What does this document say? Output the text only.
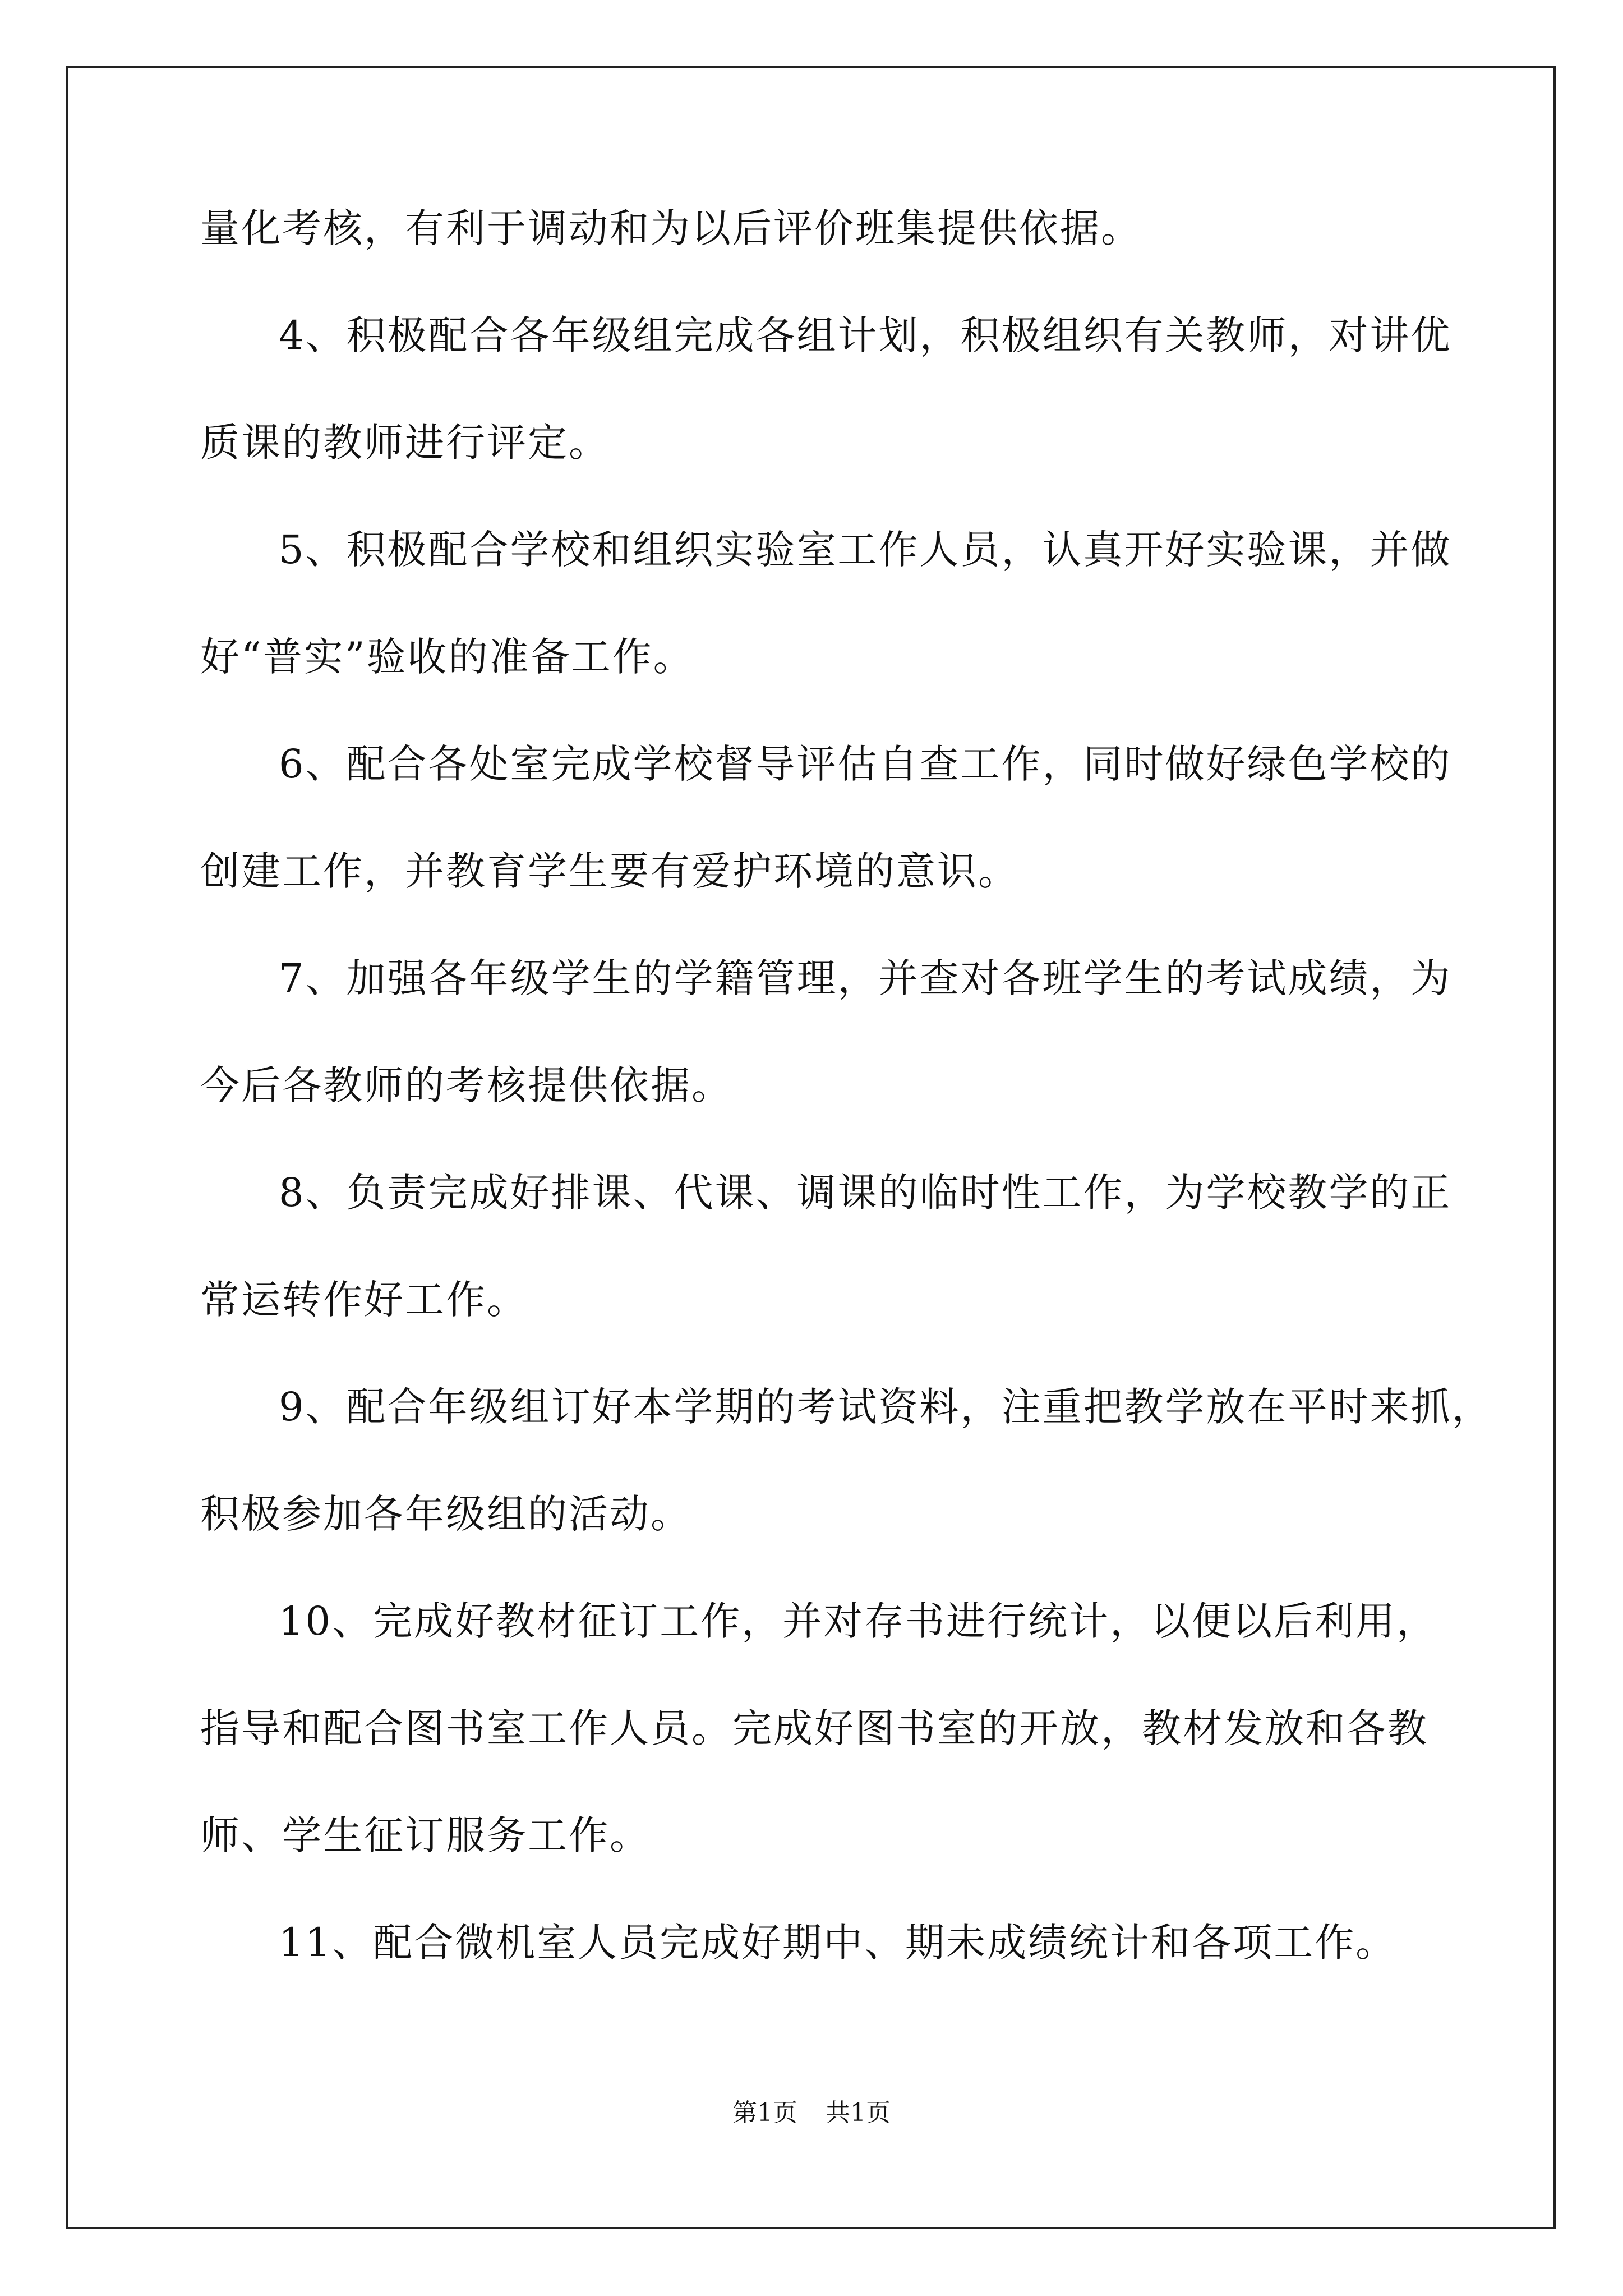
量化考核，有利于调动和为以后评价班集提供依据。
4、积极配合各年级组完成各组计划，积极组织有关教师，对讲优
质课的教师进行评定。
5、积极配合学校和组织实验室工作人员，认真开好实验课，并做
好“普实”验收的准备工作。
6、配合各处室完成学校督导评估自查工作，同时做好绿色学校的
创建工作，并教育学生要有爱护环境的意识。
7、加强各年级学生的学籍管理，并查对各班学生的考试成绩，为
今后各教师的考核提供依据。
8、负责完成好排课、代课、调课的临时性工作，为学校教学的正
常运转作好工作。
9、配合年级组订好本学期的考试资料，注重把教学放在平时来抓，
积极参加各年级组的活动。
10、完成好教材征订工作，并对存书进行统计，以便以后利用，
指导和配合图书室工作人员。完成好图书室的开放，教材发放和各教
师、学生征订服务工作。
11、配合微机室人员完成好期中、期未成绩统计和各项工作。
第1页 共1页
